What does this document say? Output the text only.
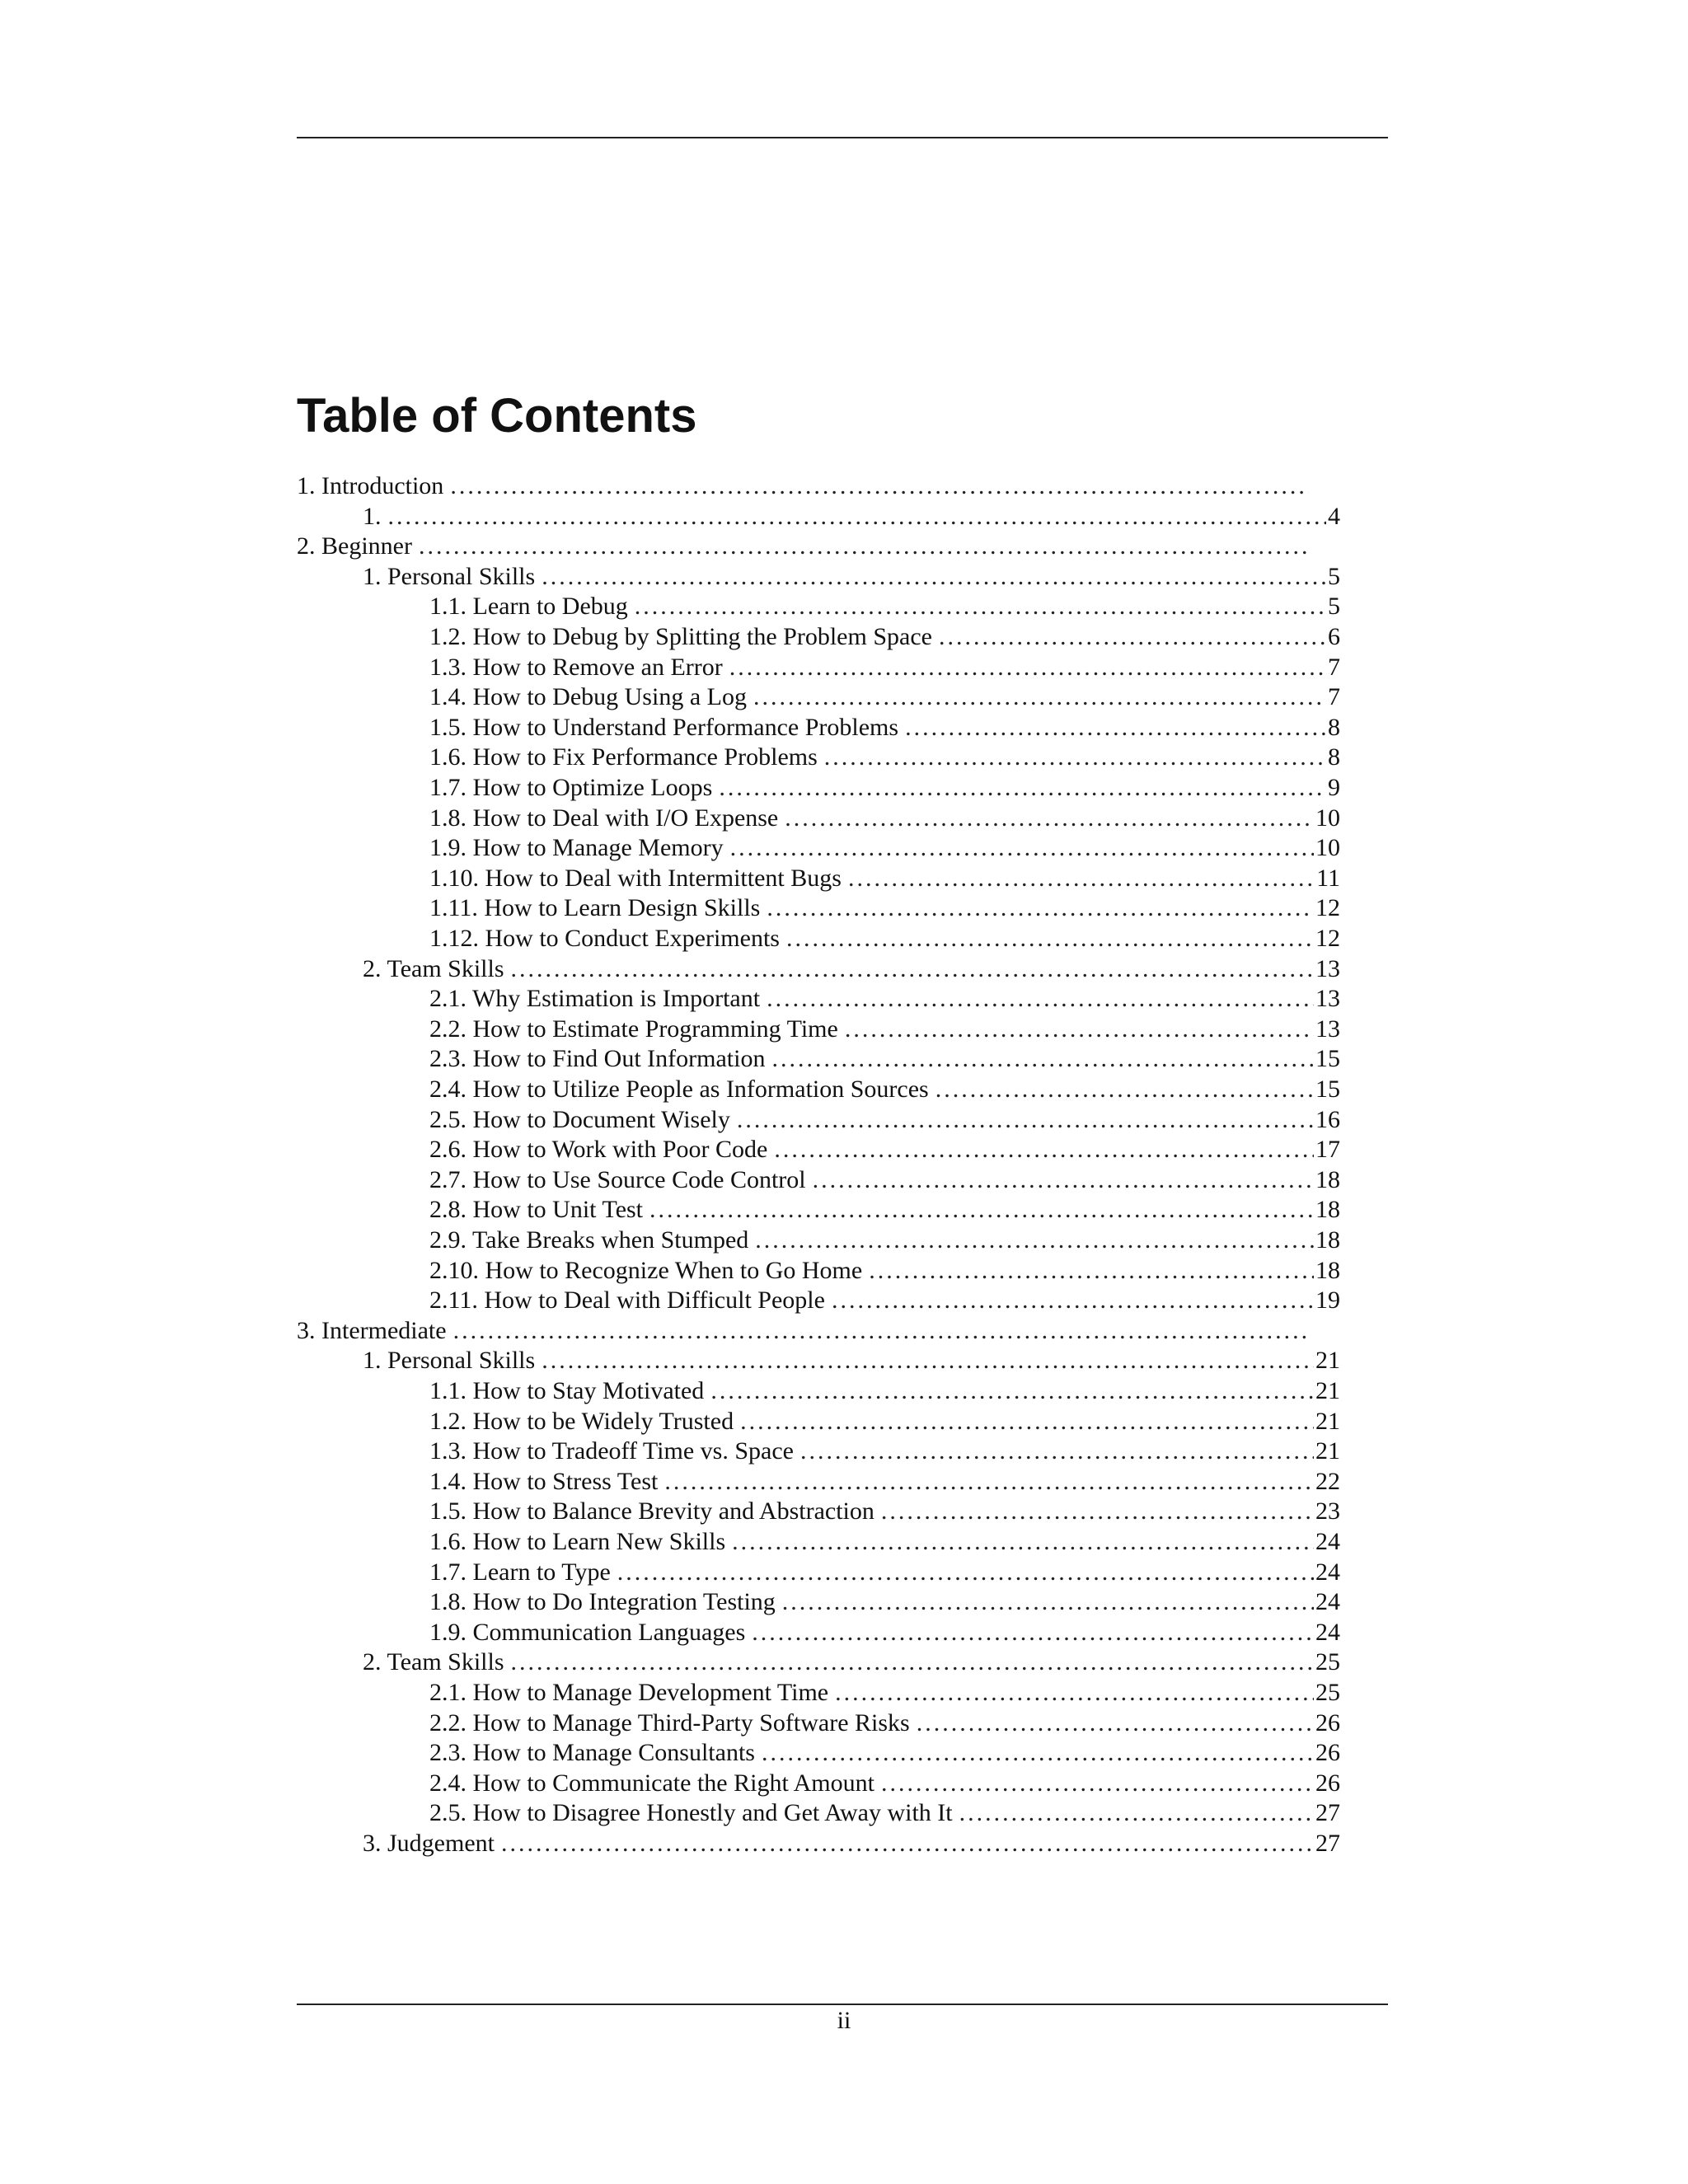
Table of Contents
1. Introduction
.....
1. .....	4
2. Beginner
.....
1. Personal Skills .....	5
1.1. Learn to Debug .....	5
1.2. How to Debug by Splitting the Problem Space .....	6
1.3. How to Remove an Error .....	7
1.4. How to Debug Using a Log .....	7
1.5. How to Understand Performance Problems .....	8
1.6. How to Fix Performance Problems .....	8
1.7. How to Optimize Loops .....	9
1.8. How to Deal with I/O Expense .....	10
1.9. How to Manage Memory .....	10
1.10. How to Deal with Intermittent Bugs .....	11
1.11. How to Learn Design Skills .....	12
1.12. How to Conduct Experiments .....	12
2. Team Skills .....	13
2.1. Why Estimation is Important .....	13
2.2. How to Estimate Programming Time .....	13
2.3. How to Find Out Information .....	15
2.4. How to Utilize People as Information Sources .....	15
2.5. How to Document Wisely .....	16
2.6. How to Work with Poor Code .....	17
2.7. How to Use Source Code Control .....	18
2.8. How to Unit Test .....	18
2.9. Take Breaks when Stumped .....	18
2.10. How to Recognize When to Go Home .....	18
2.11. How to Deal with Difficult People .....	19
3. Intermediate
.....
1. Personal Skills .....	21
1.1. How to Stay Motivated .....	21
1.2. How to be Widely Trusted .....	21
1.3. How to Tradeoff Time vs. Space .....	21
1.4. How to Stress Test .....	22
1.5. How to Balance Brevity and Abstraction .....	23
1.6. How to Learn New Skills .....	24
1.7. Learn to Type .....	24
1.8. How to Do Integration Testing .....	24
1.9. Communication Languages .....	24
2. Team Skills .....	25
2.1. How to Manage Development Time .....	25
2.2. How to Manage Third-Party Software Risks .....	26
2.3. How to Manage Consultants .....	26
2.4. How to Communicate the Right Amount .....	26
2.5. How to Disagree Honestly and Get Away with It .....	27
3. Judgement .....	27
ii
